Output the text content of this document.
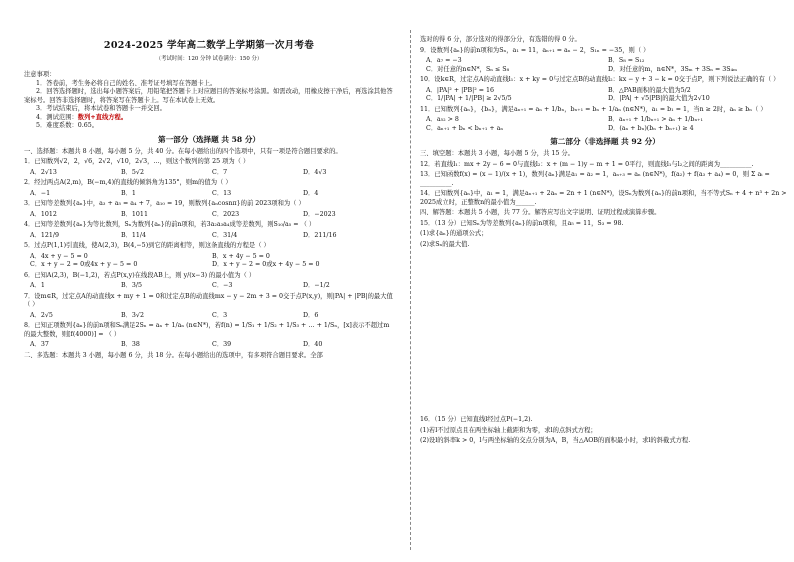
2024-2025 学年高二数学上学期第一次月考卷
（考试时间：120 分钟 试卷满分：150 分）
注意事项：

1．答卷前，考生务必将自己的姓名、准考证号填写在答题卡上。

2．回答选择题时，选出每小题答案后，用铅笔把答题卡上对应题目的答案标号涂黑。如需改动，用橡皮擦干净后，再选涂其他答案标号。回答非选择题时，将答案写在答题卡上。写在本试卷上无效。

3．考试结束后，将本试卷和答题卡一并交回。

4．测试范围：数列+直线方程。

5．难度系数：0.65。

第一部分（选择题 共 58 分）

一、选择题：本题共 8 小题，每小题 5 分，共 40 分。在每小题给出的四个选项中，只有一项是符合题目要求的。

1．已知数列√2，2，√6，2√2，√10，2√3，…，则这个数列的第 25 项为（ ）

A．2√13	B．5√2	C．7	D．4√3

2．经过两点A(2,m)，B(−m,4)的直线的倾斜角为135°，则m的值为（ ）

A．−1	B．1	C．13	D．4

3．已知等差数列{aₙ}中，a₃ + a₅ = a₄ + 7，a₁₀ = 19，则数列{aₙcosnπ}的前 2023项和为（ ）

A．1012	B．1011	C．2023	D．−2023

4．已知等差数列{aₙ}为等比数列，Sₙ为数列{aₙ}的前n项和，若3a₂a₃a₄成等差数列，则S₁₀/a₅ = （ ）

A．121/9	B．11/4	C．31/4	D．211/16

5．过点P(1,1)引直线，使A(2,3)，B(4,−5)到它的距离相等，则这条直线的方程是（ ）

A．4x + y − 5 = 0	B．x + 4y − 5 = 0
C．x + y − 2 = 0或4x + y − 5 = 0	D．x + y − 2 = 0或x + 4y − 5 = 0

6．已知A(2,3)，B(−1,2)，若点P(x,y)在线段AB上，则 y/(x−3) 的最小值为（ ）

A．1	B．3/5	C．−3	D．−1/2

7．设m∈R，过定点A的动直线x + my + 1 = 0和过定点B的动直线mx − y − 2m + 3 = 0交于点P(x,y)，则|PA| + |PB|的最大值（ ）

A．2√5	B．3√2	C．3	D．6

8．已知正项数列{aₙ}的前n项和Sₙ满足2Sₙ = aₙ + 1/aₙ (n∈N*)，若f(n) = 1/S₁ + 1/S₂ + 1/S₃ + … + 1/Sₙ，[x]表示不超过m的最大整数，则[f(4000)] = （ ）

A．37	B．38	C．39	D．40

二、多选题：本题共 3 小题，每小题 6 分，共 18 分。在每小题给出的选项中，有多项符合题目要求。全部

选对的得 6 分，部分选对的得部分分，有选错的得 0 分。

9．设数列{aₙ}的前n项和为Sₙ，a₁ = 11，aₙ₊₁ = aₙ − 2，S₁ₙ = −35，则（ ）

A．a₇ = −3	B．S₈ = S₁₂
C．对任意的n∈N*，Sₙ ≤ S₈	D．对任意的m，n∈N*，3Sₘ + 3Sₙ = 3S₄ₘ

10．设k∈R，过定点A的动直线l₁：x + ky = 0与过定点B的动直线l₂：kx − y + 3 − k = 0交于点P，则下列说法正确的有（ ）

A．|PA|² + |PB|² = 16	B．△PAB面积的最大值为5/2
C．1/|PA| + 1/|PB| ≥ 2√5/5	D．|PA| + √5|PB|的最大值为2√10

11．已知数列{aₙ}，{bₙ}，满足aₙ₊₁ = aₙ + 1/bₙ，bₙ₊₁ = bₙ + 1/aₙ (n∈N*)，a₁ = b₁ = 1，当n ≥ 2时，aₙ ≥ bₙ（ ）

A．a₅₂ > 8	B．aₙ₊₁ + 1/bₙ₊₁ > aₙ + 1/bₙ₊₁
C．aₙ₊₁ + bₙ < bₙ₊₁ + aₙ	D．(aₙ + bₙ)(bₙ + bₙ₊₁) ≥ 4
第二部分（非选择题 共 92 分）

三、填空题：本题共 3 小题，每小题 5 分，共 15 分。

12．若直线l₁：mx + 2y − 6 = 0与直线l₂：x + (m − 1)y − m + 1 = 0平行，则直线l₁与l₂之间的距离为__________.

13．已知函数f(x) = (x − 1)/(x + 1)，数列{aₙ}满足a₁ = a₂ = 1，aₙ₊₃ = aₙ (n∈N*)，f(a₂) + f(a₃ + a₄) = 0，则 Σ aᵢ = __________.

14．已知数列{aₙ}中，a₁ = 1，满足aₙ₊₁ + 2aₙ = 2n + 1 (n∈N*)，设Sₙ为数列{aₙ}的前n项和，当不等式Sₙ + 4 + n³ + 2n > 2025成立时，正整数n的最小值为______.

四、解答题：本题共 5 小题，共 77 分。解答应写出文字说明、证明过程或演算步骤。

15．（13 分）已知Sₙ为等差数列{aₙ}的前n项和，且a₅ = 11，S₃ = 98.

(1)求{aₙ}的通项公式；

(2)求Sₙ的最大值.

16．（15 分）已知直线l经过点P(−1,2).

(1)若l不过原点且在两坐标轴上截距和为零，求l的点斜式方程；

(2)设l的斜率k > 0，l与两坐标轴的交点分别为A，B，当△AOB的面积最小时，求l的斜截式方程.
